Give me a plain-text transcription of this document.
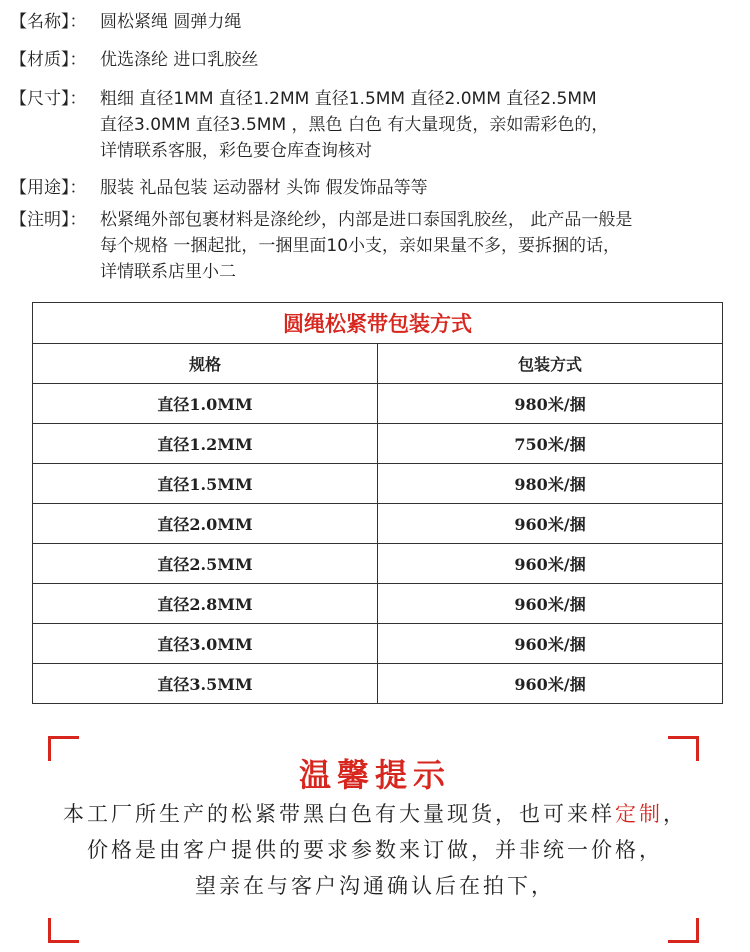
【名称】： 圆松紧绳 圆弹力绳
【材质】： 优选涤纶 进口乳胶丝
【尺寸】： 粗细 直径1MM 直径1.2MM 直径1.5MM 直径2.0MM 直径2.5MM
直径3.0MM 直径3.5MM ，黑色 白色 有大量现货，亲如需彩色的，
详情联系客服，彩色要仓库查询核对
【用途】： 服装 礼品包装 运动器材 头饰 假发饰品等等
【注明】： 松紧绳外部包裹材料是涤纶纱，内部是进口泰国乳胶丝， 此产品一般是
每个规格 一捆起批，一捆里面10小支，亲如果量不多，要拆捆的话，
详情联系店里小二
圆绳松紧带包装方式	
规格	包装方式
直径1.0MM	980米/捆
直径1.2MM	750米/捆
直径1.5MM	980米/捆
直径2.0MM	960米/捆
直径2.5MM	960米/捆
直径2.8MM	960米/捆
直径3.0MM	960米/捆
直径3.5MM	960米/捆
温馨提示
本工厂所生产的松紧带黑白色有大量现货，也可来样定制，
价格是由客户提供的要求参数来订做，并非统一价格，
望亲在与客户沟通确认后在拍下，
